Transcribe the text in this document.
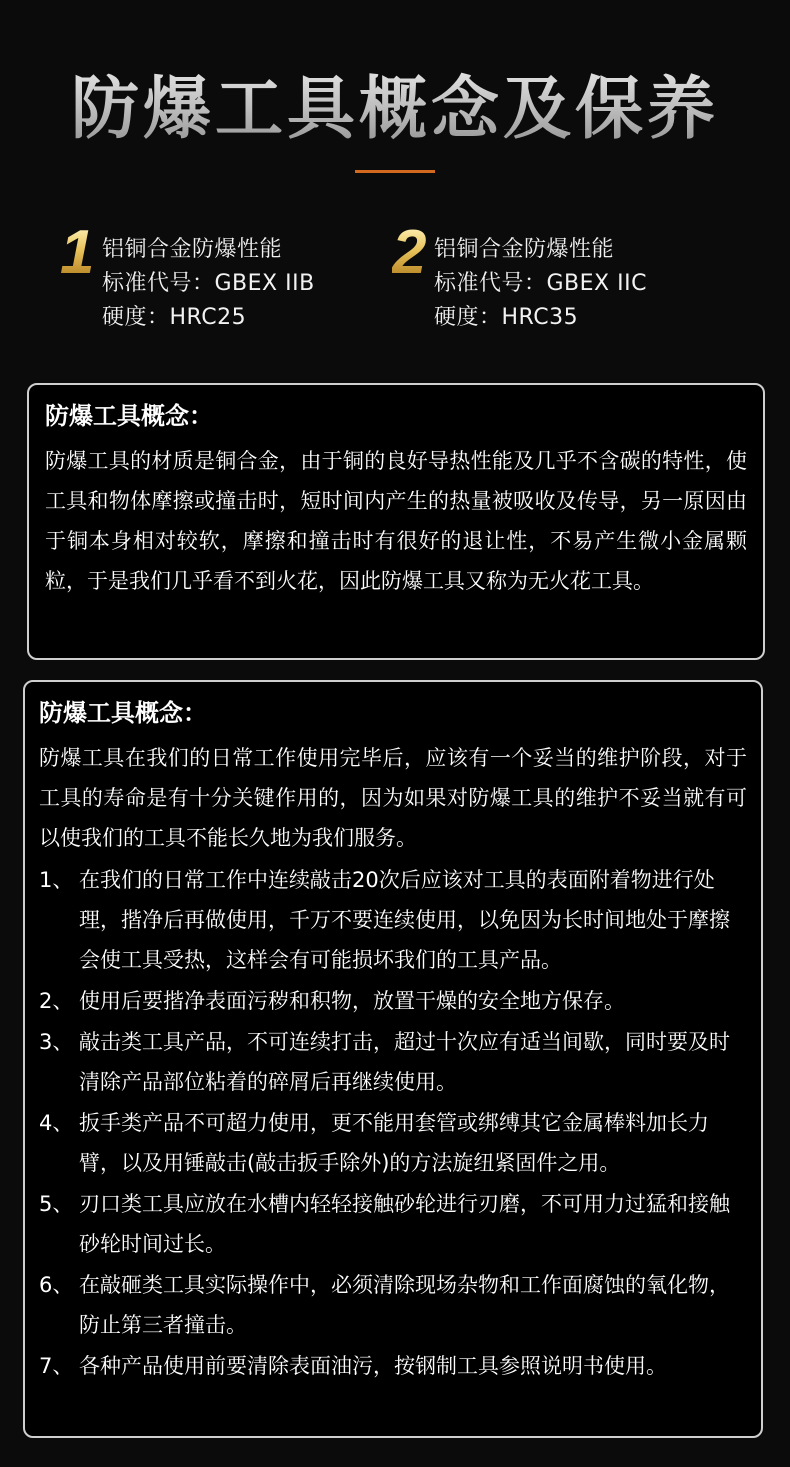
防爆工具概念及保养
1 铝铜合金防爆性能
标准代号：GBEX IIB
硬度：HRC25
2 铝铜合金防爆性能
标准代号：GBEX IIC
硬度：HRC35
防爆工具概念：
防爆工具的材质是铜合金，由于铜的良好导热性能及几乎不含碳的特性，使工具和物体摩擦或撞击时，短时间内产生的热量被吸收及传导，另一原因由于铜本身相对较软，摩擦和撞击时有很好的退让性，不易产生微小金属颗粒，于是我们几乎看不到火花，因此防爆工具又称为无火花工具。
防爆工具概念：
防爆工具在我们的日常工作使用完毕后，应该有一个妥当的维护阶段，对于工具的寿命是有十分关键作用的，因为如果对防爆工具的维护不妥当就有可以使我们的工具不能长久地为我们服务。
1、 在我们的日常工作中连续敲击20次后应该对工具的表面附着物进行处理，揩净后再做使用，千万不要连续使用，以免因为长时间地处于摩擦会使工具受热，这样会有可能损坏我们的工具产品。
2、 使用后要揩净表面污秽和积物，放置干燥的安全地方保存。
3、 敲击类工具产品，不可连续打击，超过十次应有适当间歇，同时要及时清除产品部位粘着的碎屑后再继续使用。
4、 扳手类产品不可超力使用，更不能用套管或绑缚其它金属棒料加长力臂，以及用锤敲击(敲击扳手除外)的方法旋纽紧固件之用。
5、 刃口类工具应放在水槽内轻轻接触砂轮进行刃磨，不可用力过猛和接触砂轮时间过长。
6、 在敲砸类工具实际操作中，必须清除现场杂物和工作面腐蚀的氧化物，防止第三者撞击。
7、 各种产品使用前要清除表面油污，按钢制工具参照说明书使用。
